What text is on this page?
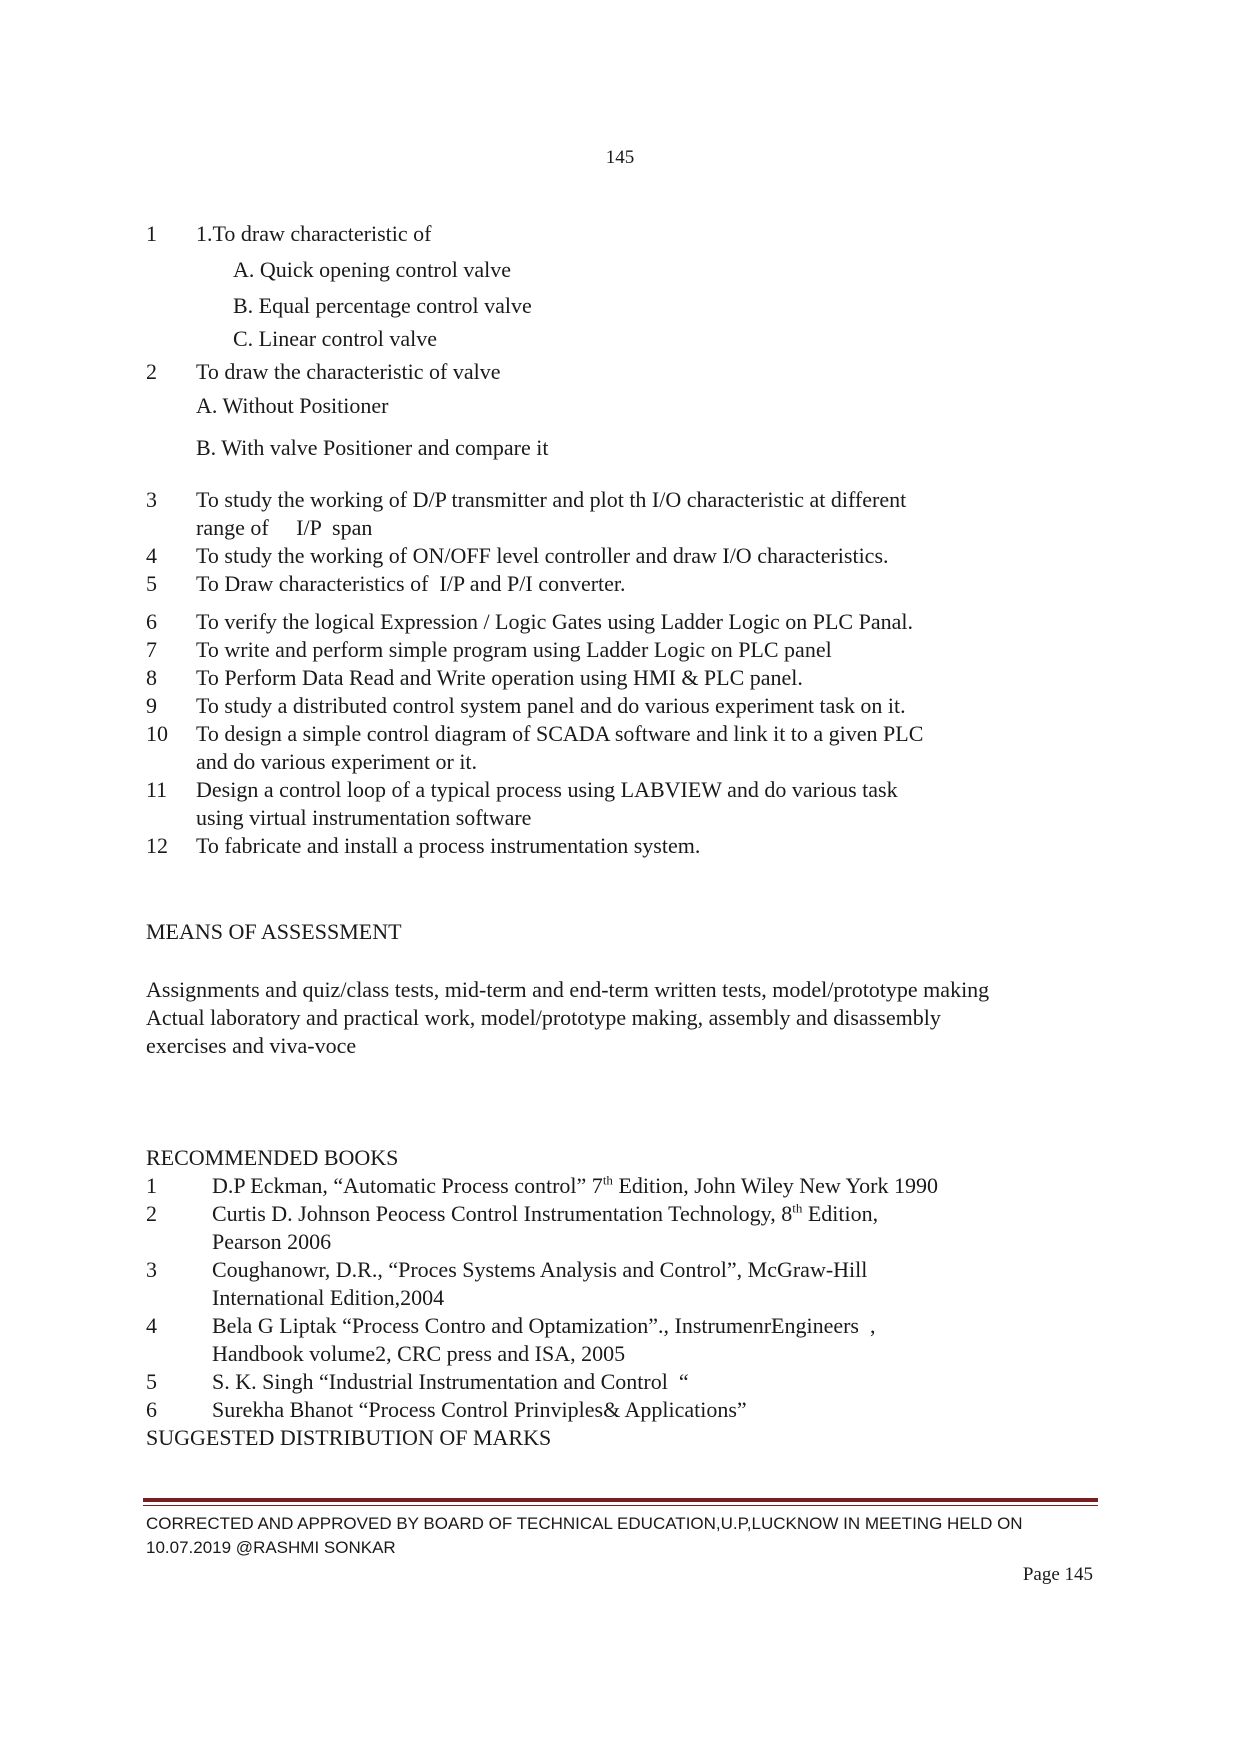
145
1 1.To draw characteristic of
A. Quick opening control valve
B. Equal percentage control valve
C. Linear control valve
2 To draw the characteristic of valve
A. Without Positioner
B. With valve Positioner and compare it
3 To study the working of D/P transmitter and plot th I/O characteristic at different
range of     I/P  span
4 To study the working of ON/OFF level controller and draw I/O characteristics.
5 To Draw characteristics of  I/P and P/I converter.
6 To verify the logical Expression / Logic Gates using Ladder Logic on PLC Panal.
7 To write and perform simple program using Ladder Logic on PLC panel
8 To Perform Data Read and Write operation using HMI & PLC panel.
9 To study a distributed control system panel and do various experiment task on it.
10 To design a simple control diagram of SCADA software and link it to a given PLC
and do various experiment or it.
11 Design a control loop of a typical process using LABVIEW and do various task
using virtual instrumentation software
12 To fabricate and install a process instrumentation system.
MEANS OF ASSESSMENT
Assignments and quiz/class tests, mid-term and end-term written tests, model/prototype making
Actual laboratory and practical work, model/prototype making, assembly and disassembly
exercises and viva-voce
RECOMMENDED BOOKS
1	D.P Eckman, “Automatic Process control” 7th Edition, John Wiley New York 1990
2	Curtis D. Johnson Peocess Control Instrumentation Technology, 8th Edition,
Pearson 2006
3	Coughanowr, D.R., “Proces Systems Analysis and Control”, McGraw-Hill
International Edition,2004
4	Bela G Liptak “Process Contro and Optamization”., InstrumenrEngineers  ,
Handbook volume2, CRC press and ISA, 2005
5	S. K. Singh “Industrial Instrumentation and Control  “
6	Surekha Bhanot “Process Control Prinviples& Applications”
SUGGESTED DISTRIBUTION OF MARKS
CORRECTED AND APPROVED BY BOARD OF TECHNICAL EDUCATION,U.P,LUCKNOW IN MEETING HELD ON
10.07.2019 @RASHMI SONKAR
Page 145
